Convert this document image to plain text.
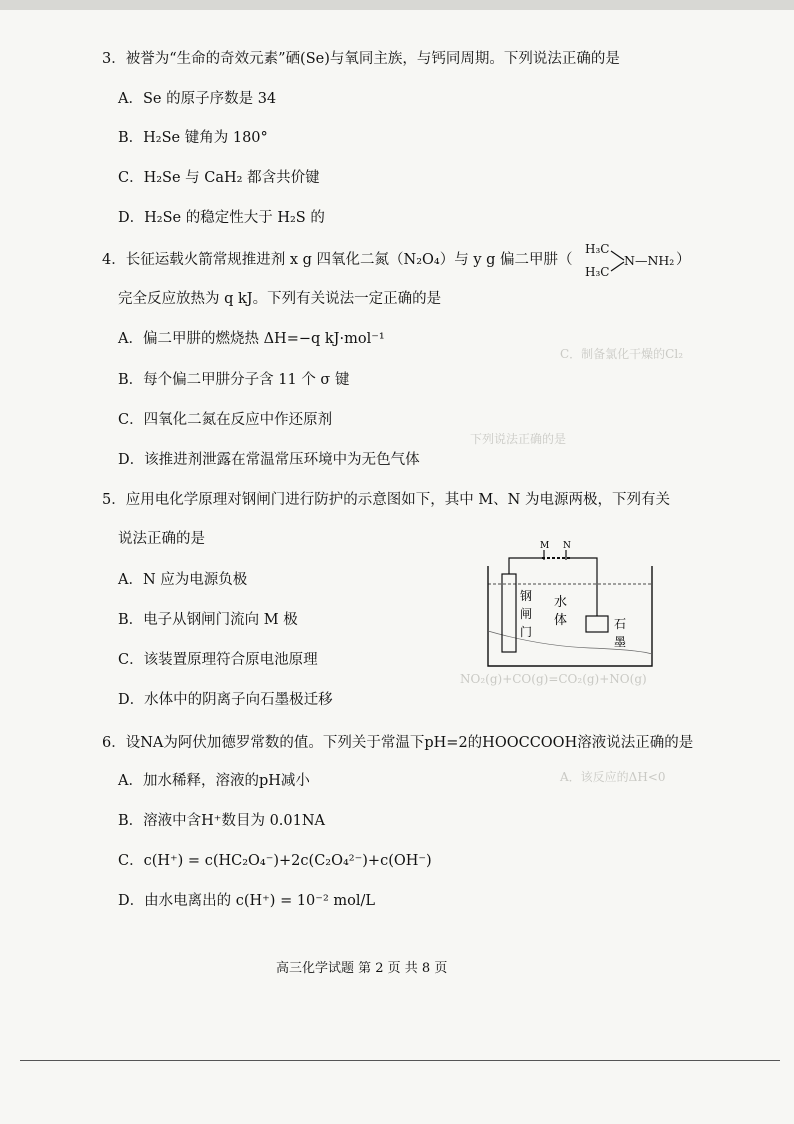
C．制备氯化干燥的Cl₂
下列说法正确的是
A．该反应的ΔH<0
NO₂(g)+CO(g)=CO₂(g)+NO(g)
3．被誉为“生命的奇效元素”硒(Se)与氧同主族，与钙同周期。下列说法正确的是
A．Se 的原子序数是 34
B．H₂Se 键角为 180°
C．H₂Se 与 CaH₂ 都含共价键
D．H₂Se 的稳定性大于 H₂S 的
4．长征运载火箭常规推进剂 x g 四氧化二氮（N₂O₄）与 y g 偏二甲肼（
H₃C
H₃C
N—NH₂ ）
完全反应放热为 q kJ。下列有关说法一定正确的是
A．偏二甲肼的燃烧热 ΔH=−q kJ·mol⁻¹
B．每个偏二甲肼分子含 11 个 σ 键
C．四氧化二氮在反应中作还原剂
D．该推进剂泄露在常温常压环境中为无色气体
5．应用电化学原理对钢闸门进行防护的示意图如下，其中 M、N 为电源两极，下列有关
说法正确的是
A．N 应为电源负极
B．电子从钢闸门流向 M 极
C．该装置原理符合原电池原理
D．水体中的阴离子向石墨极迁移
M N
钢
闸
门
水
体	石
墨
6．设NA为阿伏加德罗常数的值。下列关于常温下pH=2的HOOCCOOH溶液说法正确的是
A．加水稀释，溶液的pH减小
B．溶液中含H⁺数目为 0.01NA
C．c(H⁺) = c(HC₂O₄⁻)+2c(C₂O₄²⁻)+c(OH⁻)
D．由水电离出的 c(H⁺) = 10⁻² mol/L
高三化学试题 第 2 页 共 8 页
